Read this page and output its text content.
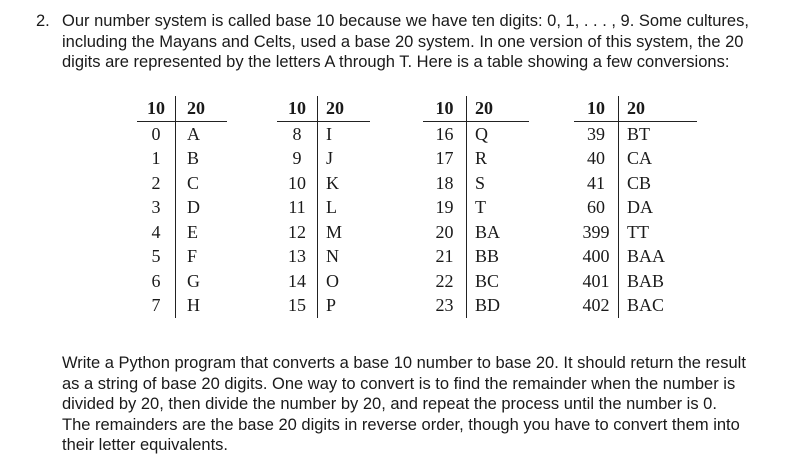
2. Our number system is called base 10 because we have ten digits: 0, 1, . . . , 9. Some cultures,
including the Mayans and Celts, used a base 20 system. In one version of this system, the 20
digits are represented by the letters A through T. Here is a table showing a few conversions:
10	20
0	A
1	B
2	C
3	D
4	E
5	F
6	G
7	H
10	20
8	I
9	J
10	K
11	L
12	M
13	N
14	O
15	P
10	20
16	Q
17	R
18	S
19	T
20	BA
21	BB
22	BC
23	BD
10	20
39	BT
40	CA
41	CB
60	DA
399	TT
400	BAA
401	BAB
402	BAC
Write a Python program that converts a base 10 number to base 20. It should return the result
as a string of base 20 digits. One way to convert is to find the remainder when the number is
divided by 20, then divide the number by 20, and repeat the process until the number is 0.
The remainders are the base 20 digits in reverse order, though you have to convert them into
their letter equivalents.
